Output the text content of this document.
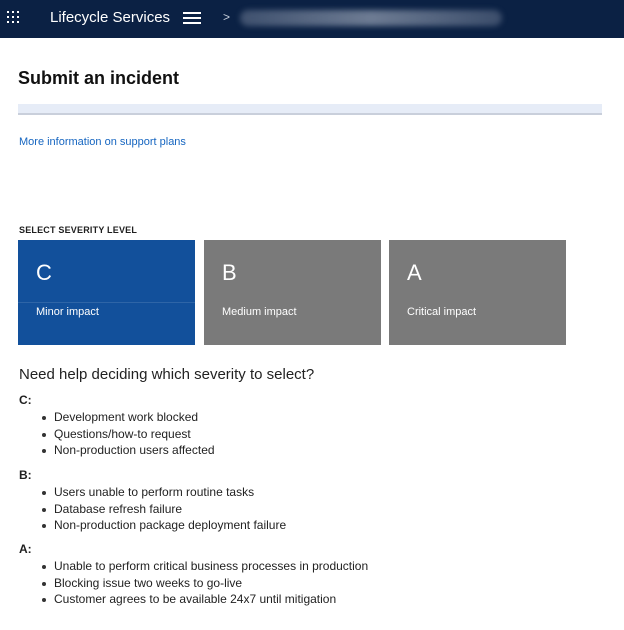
Lifecycle Services	>
Submit an incident
More information on support plans
SELECT SEVERITY LEVEL
C
Minor impact
B
Medium impact
A
Critical impact
Need help deciding which severity to select?
C:
Development work blocked
Questions/how-to request
Non-production users affected
B:
Users unable to perform routine tasks
Database refresh failure
Non-production package deployment failure
A:
Unable to perform critical business processes in production
Blocking issue two weeks to go-live
Customer agrees to be available 24x7 until mitigation
